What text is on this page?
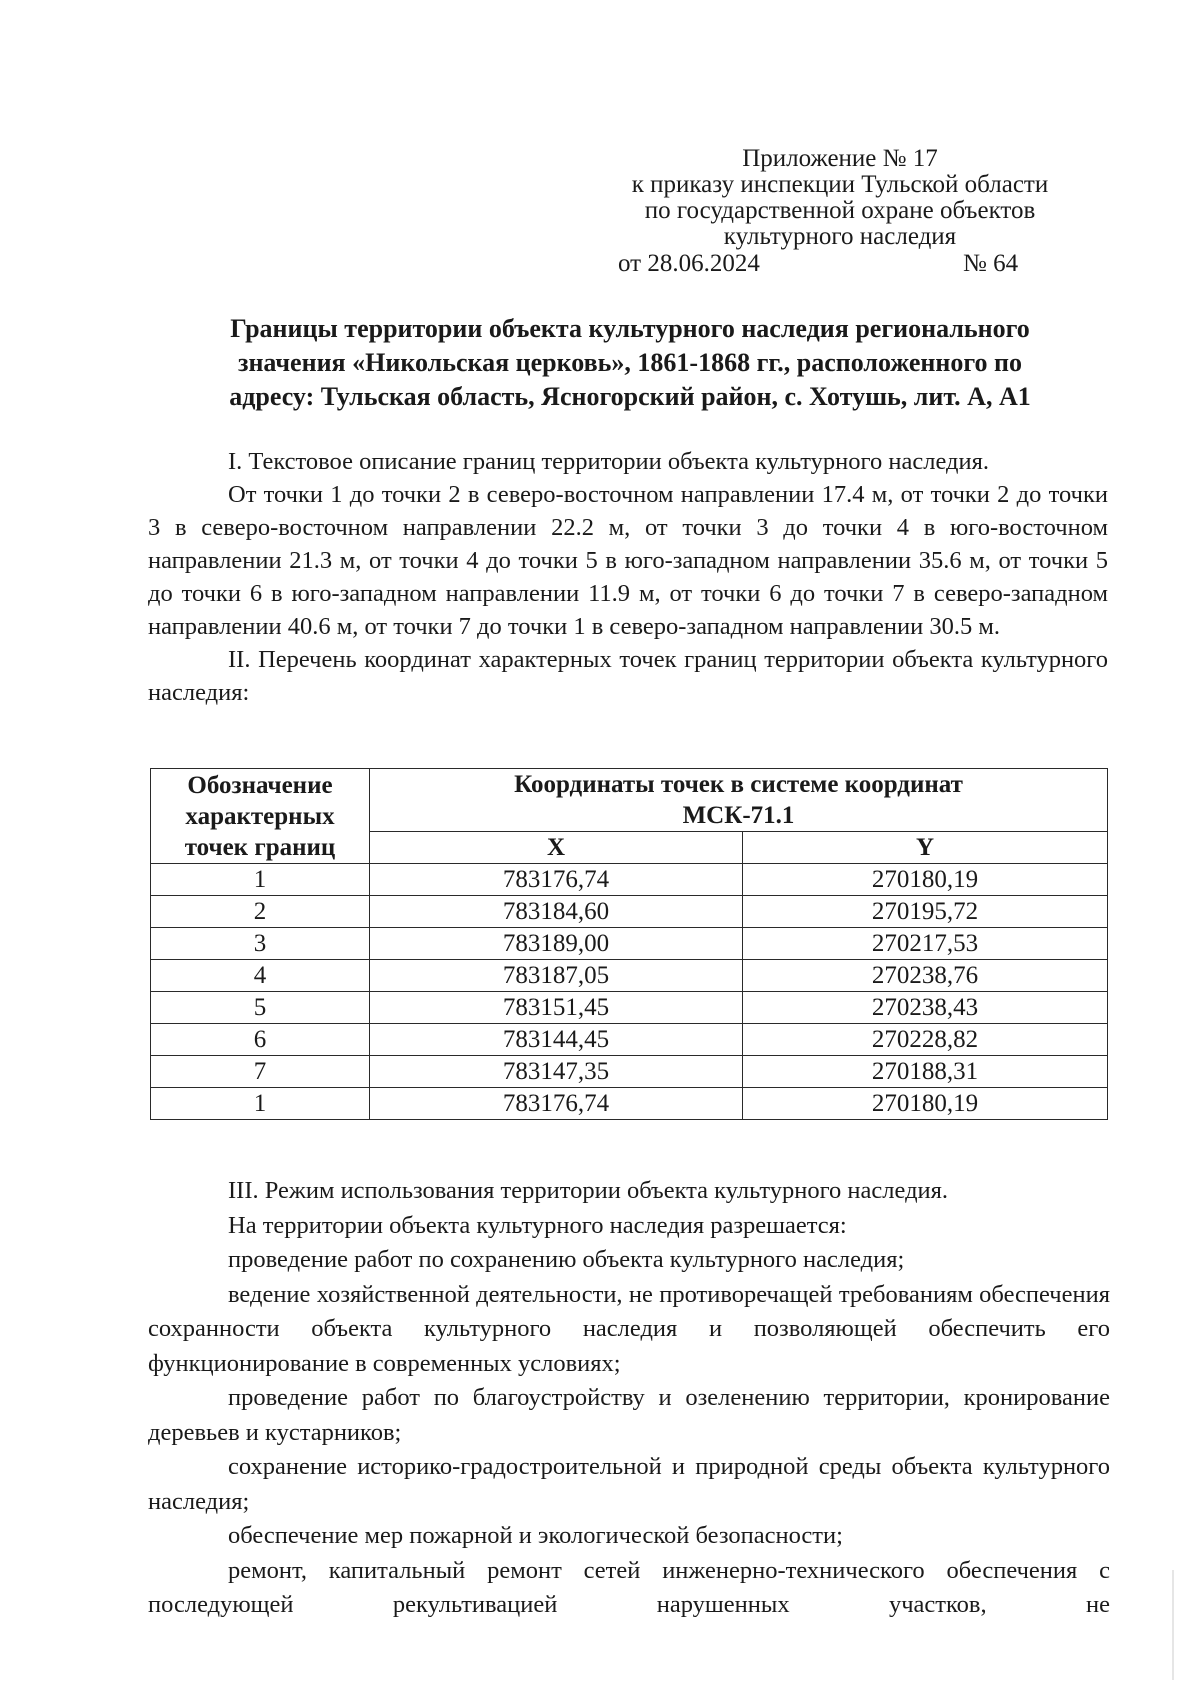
Приложение № 17
к приказу инспекции Тульской области
по государственной охране объектов
культурного наследия
от 28.06.2024	№ 64
Границы территории объекта культурного наследия регионального
значения «Никольская церковь», 1861-1868 гг., расположенного по
адресу: Тульская область, Ясногорский район, с. Хотушь, лит. А, А1
I. Текстовое описание границ территории объекта культурного наследия.
От точки 1 до точки 2 в северо-восточном направлении 17.4 м, от точки 2 до точки 3 в северо-восточном направлении 22.2 м, от точки 3 до точки 4 в юго-восточном направлении 21.3 м, от точки 4 до точки 5 в юго-западном направлении 35.6 м, от точки 5 до точки 6 в юго-западном направлении 11.9 м, от точки 6 до точки 7 в северо-западном направлении 40.6 м, от точки 7 до точки 1 в северо-западном направлении 30.5 м.
II. Перечень координат характерных точек границ территории объекта культурного наследия:
Обозначение характерных точек границ	Координаты точек в системе координат
МСК-71.1	

	X	Y
1	783176,74	270180,19
2	783184,60	270195,72
3	783189,00	270217,53
4	783187,05	270238,76
5	783151,45	270238,43
6	783144,45	270228,82
7	783147,35	270188,31
1	783176,74	270180,19
III. Режим использования территории объекта культурного наследия.
На территории объекта культурного наследия разрешается:
проведение работ по сохранению объекта культурного наследия;
ведение хозяйственной деятельности, не противоречащей требованиям обеспечения сохранности объекта культурного наследия и позволяющей обеспечить его функционирование в современных условиях;
проведение работ по благоустройству и озеленению территории, кронирование деревьев и кустарников;
сохранение историко-градостроительной и природной среды объекта культурного наследия;
обеспечение мер пожарной и экологической безопасности;
ремонт, капитальный ремонт сетей инженерно-технического обеспечения с последующей рекультивацией нарушенных участков, не
